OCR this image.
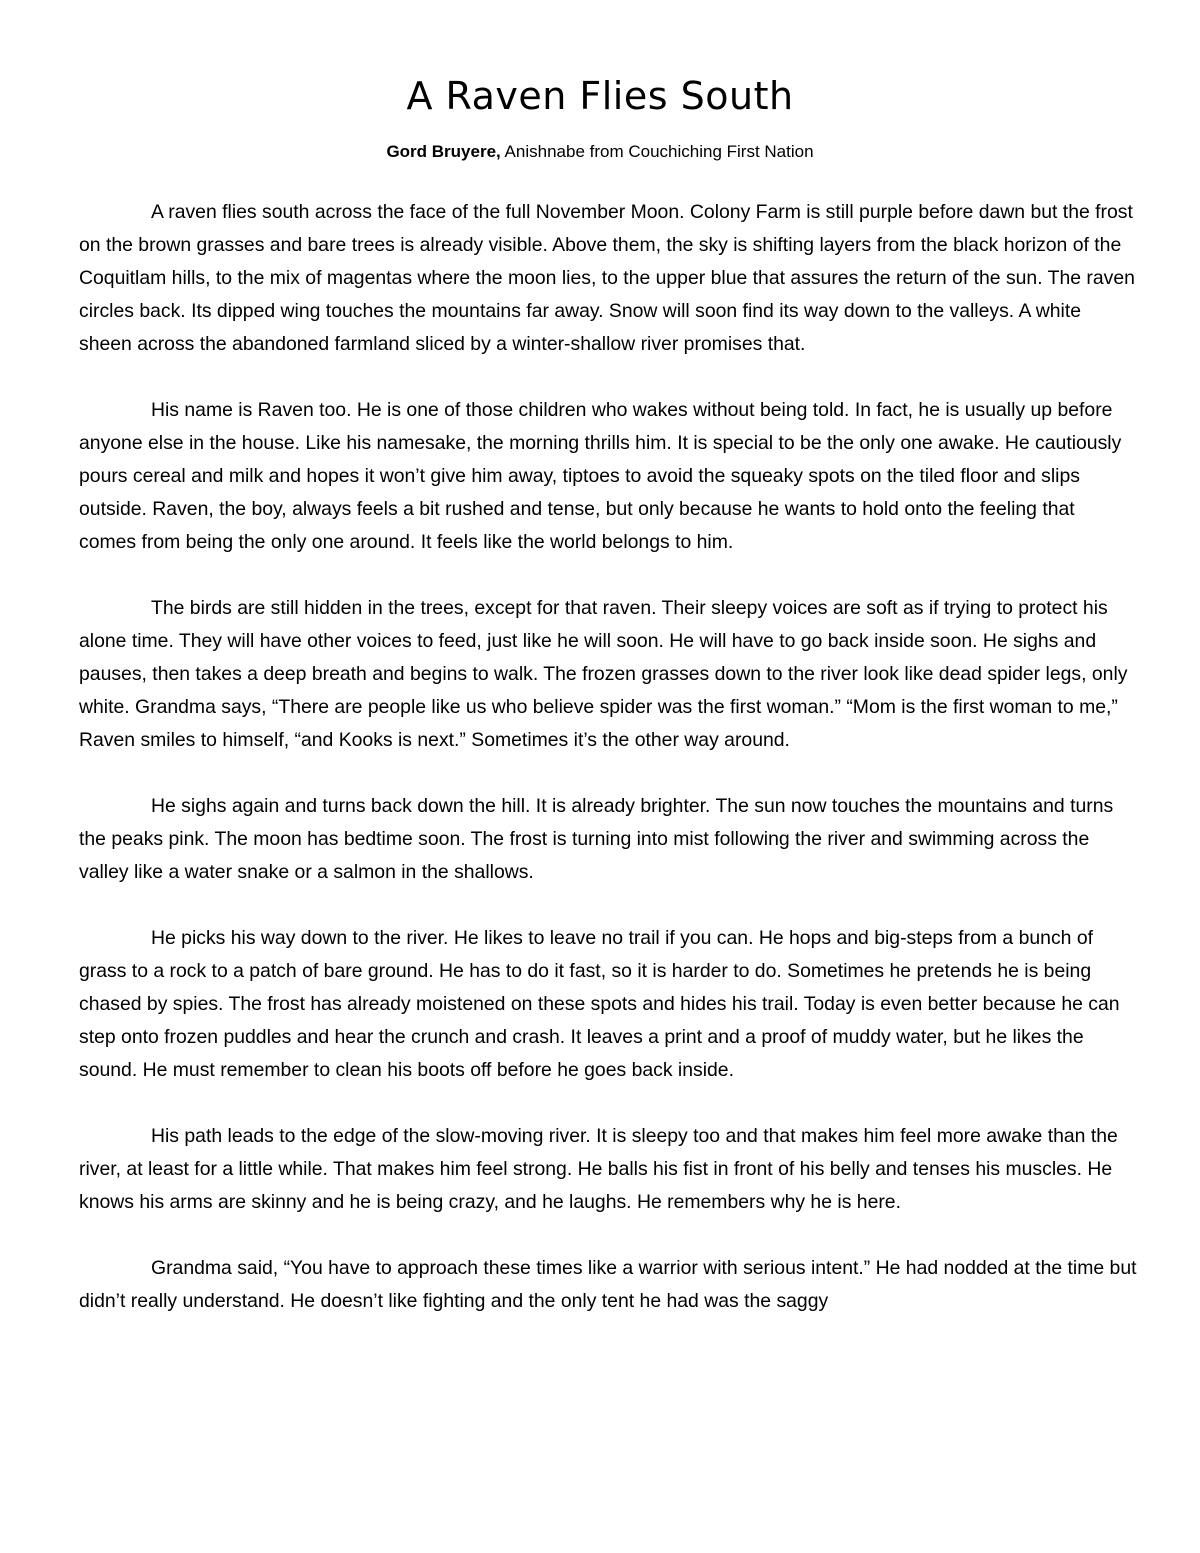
A Raven Flies South

Gord Bruyere, Anishnabe from Couchiching First Nation

A raven flies south across the face of the full November Moon. Colony Farm is still purple before dawn but the frost on the brown grasses and bare trees is already visible. Above them, the sky is shifting layers from the black horizon of the Coquitlam hills, to the mix of magentas where the moon lies, to the upper blue that assures the return of the sun. The raven circles back. Its dipped wing touches the mountains far away. Snow will soon find its way down to the valleys. A white sheen across the abandoned farmland sliced by a winter-shallow river promises that.

His name is Raven too. He is one of those children who wakes without being told. In fact, he is usually up before anyone else in the house. Like his namesake, the morning thrills him. It is special to be the only one awake. He cautiously pours cereal and milk and hopes it won’t give him away, tiptoes to avoid the squeaky spots on the tiled floor and slips outside. Raven, the boy, always feels a bit rushed and tense, but only because he wants to hold onto the feeling that comes from being the only one around. It feels like the world belongs to him.

The birds are still hidden in the trees, except for that raven. Their sleepy voices are soft as if trying to protect his alone time. They will have other voices to feed, just like he will soon. He will have to go back inside soon. He sighs and pauses, then takes a deep breath and begins to walk. The frozen grasses down to the river look like dead spider legs, only white. Grandma says, “There are people like us who believe spider was the first woman.” “Mom is the first woman to me,” Raven smiles to himself, “and Kooks is next.” Sometimes it’s the other way around.

He sighs again and turns back down the hill. It is already brighter. The sun now touches the mountains and turns the peaks pink. The moon has bedtime soon. The frost is turning into mist following the river and swimming across the valley like a water snake or a salmon in the shallows.

He picks his way down to the river. He likes to leave no trail if you can. He hops and big-steps from a bunch of grass to a rock to a patch of bare ground. He has to do it fast, so it is harder to do. Sometimes he pretends he is being chased by spies. The frost has already moistened on these spots and hides his trail. Today is even better because he can step onto frozen puddles and hear the crunch and crash. It leaves a print and a proof of muddy water, but he likes the sound. He must remember to clean his boots off before he goes back inside.

His path leads to the edge of the slow-moving river. It is sleepy too and that makes him feel more awake than the river, at least for a little while. That makes him feel strong. He balls his fist in front of his belly and tenses his muscles. He knows his arms are skinny and he is being crazy, and he laughs. He remembers why he is here.

Grandma said, “You have to approach these times like a warrior with serious intent.” He had nodded at the time but didn’t really understand. He doesn’t like fighting and the only tent he had was the saggy
